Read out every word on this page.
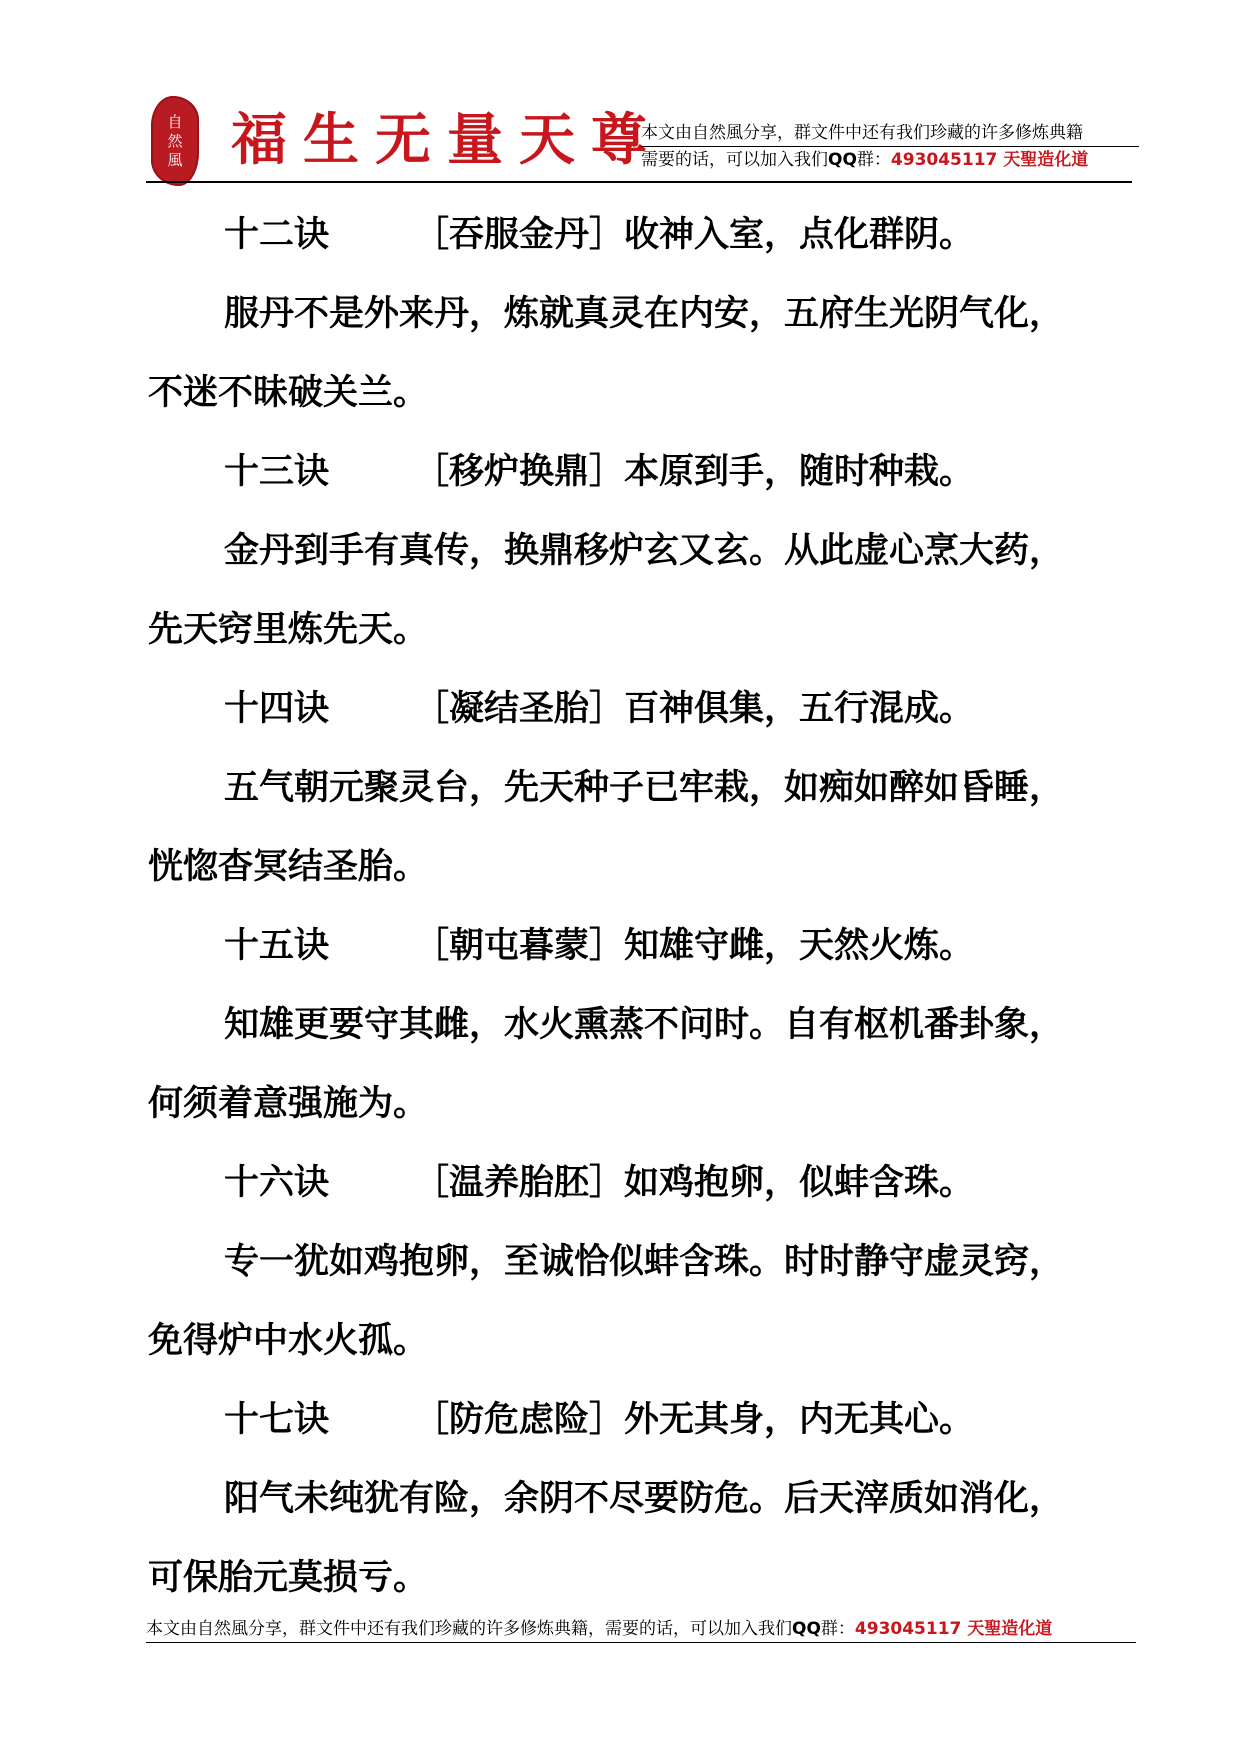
自
然
風 福生无量天尊
本文由自然風分享，群文件中还有我们珍藏的许多修炼典籍
需要的话，可以加入我们QQ群：493045117 天聖造化道
十二诀 ［吞服金丹］收神入室，点化群阴。
服丹不是外来丹，炼就真灵在内安，五府生光阴气化，
不迷不昧破关兰。
十三诀 ［移炉换鼎］本原到手，随时种栽。
金丹到手有真传，换鼎移炉玄又玄。从此虚心烹大药，
先天窍里炼先天。
十四诀 ［凝结圣胎］百神俱集，五行混成。
五气朝元聚灵台，先天种子已牢栽，如痴如醉如昏睡，
恍惚杳冥结圣胎。
十五诀 ［朝屯暮蒙］知雄守雌，天然火炼。
知雄更要守其雌，水火熏蒸不问时。自有枢机番卦象，
何须着意强施为。
十六诀 ［温养胎胚］如鸡抱卵，似蚌含珠。
专一犹如鸡抱卵，至诚恰似蚌含珠。时时静守虚灵窍，
免得炉中水火孤。
十七诀 ［防危虑险］外无其身，内无其心。
阳气未纯犹有险，余阴不尽要防危。后天滓质如消化，
可保胎元莫损亏。
本文由自然風分享，群文件中还有我们珍藏的许多修炼典籍，需要的话，可以加入我们QQ群：493045117 天聖造化道
